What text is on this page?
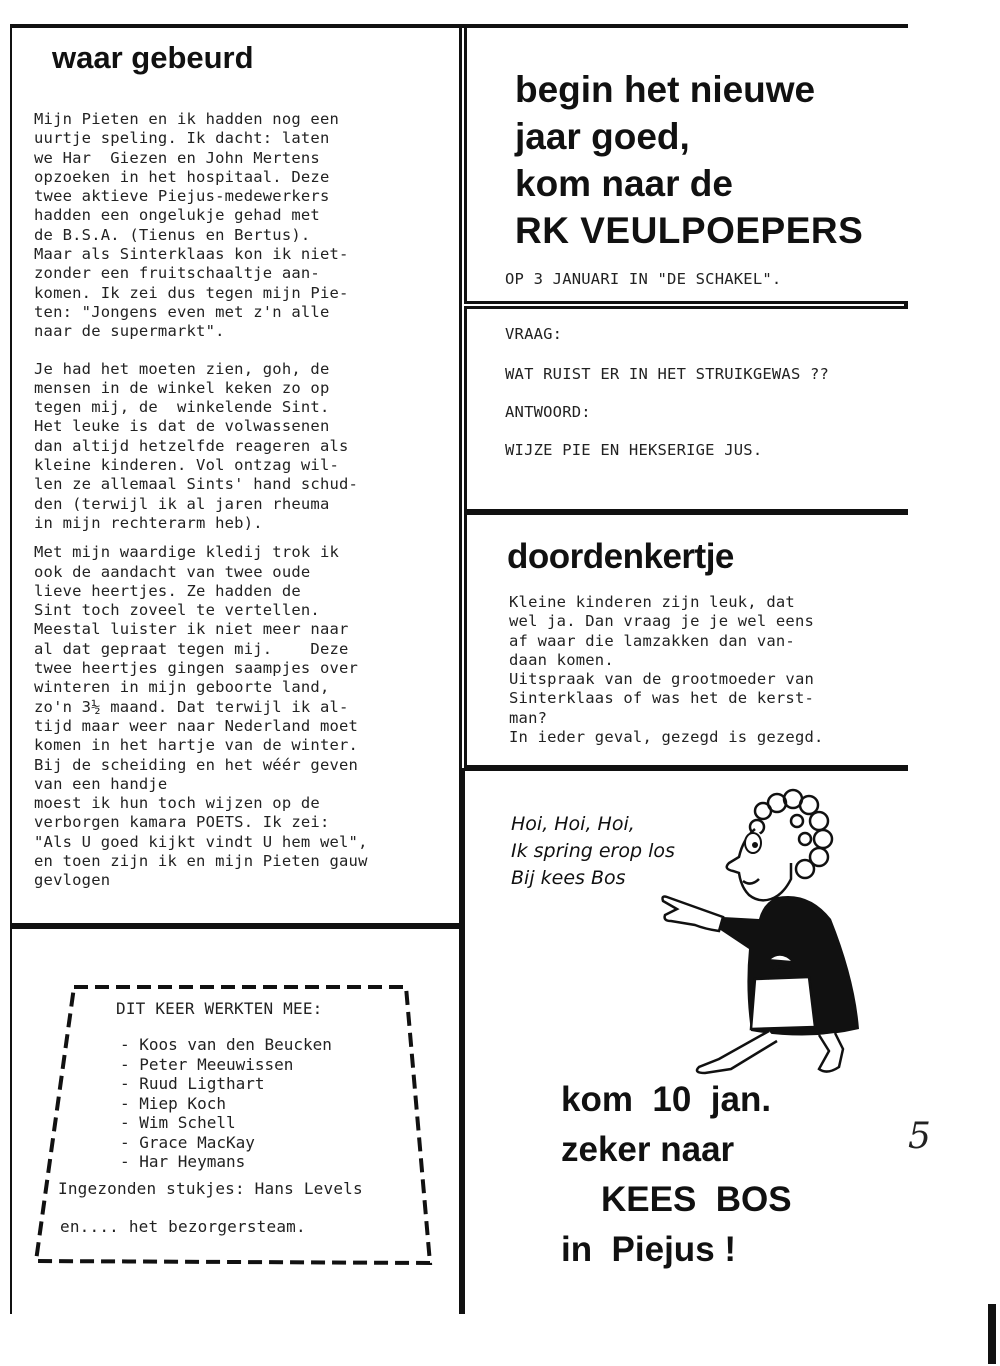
waar gebeurd

Mijn Pieten en ik hadden nog een
uurtje speling. Ik dacht: laten
we Har  Giezen en John Mertens
opzoeken in het hospitaal. Deze
twee aktieve Piejus-medewerkers
hadden een ongelukje gehad met
de B.S.A. (Tienus en Bertus).
Maar als Sinterklaas kon ik niet-
zonder een fruitschaaltje aan-
komen. Ik zei dus tegen mijn Pie-
ten: "Jongens even met z'n alle
naar de supermarkt".

Je had het moeten zien, goh, de
mensen in de winkel keken zo op
tegen mij, de  winkelende Sint.
Het leuke is dat de volwassenen
dan altijd hetzelfde reageren als
kleine kinderen. Vol ontzag wil-
len ze allemaal Sints' hand schud-
den (terwijl ik al jaren rheuma
in mijn rechterarm heb).

Met mijn waardige kledij trok ik
ook de aandacht van twee oude
lieve heertjes. Ze hadden de
Sint toch zoveel te vertellen.
Meestal luister ik niet meer naar
al dat gepraat tegen mij.    Deze
twee heertjes gingen saampjes over
winteren in mijn geboorte land,
zo'n 3½ maand. Dat terwijl ik al-
tijd maar weer naar Nederland moet
komen in het hartje van de winter.
Bij de scheiding en het wéér geven
van een handje
moest ik hun toch wijzen op de
verborgen kamara POETS. Ik zei:
"Als U goed kijkt vindt U hem wel",
en toen zijn ik en mijn Pieten gauw
gevlogen

begin het nieuwe
jaar goed,
kom naar de
RK VEULPOEPERS
OP 3 JANUARI IN "DE SCHAKEL".
VRAAG:
WAT RUIST ER IN HET STRUIKGEWAS ??
ANTWOORD:
WIJZE PIE EN HEKSERIGE JUS.
doordenkertje

Kleine kinderen zijn leuk, dat
wel ja. Dan vraag je je wel eens
af waar die lamzakken dan van-
daan komen.
Uitspraak van de grootmoeder van
Sinterklaas of was het de kerst-
man?
In ieder geval, gezegd is gezegd.

Hoi, Hoi, Hoi,
Ik spring erop los
Bij kees Bos

kom  10  jan.
zeker naar
KEES  BOS
in  Piejus !
DIT KEER WERKTEN MEE:
- Koos van den Beucken
- Peter Meeuwissen
- Ruud Ligthart
- Miep Koch
- Wim Schell
- Grace MacKay
- Har Heymans
Ingezonden stukjes: Hans Levels
en.... het bezorgersteam.
5
